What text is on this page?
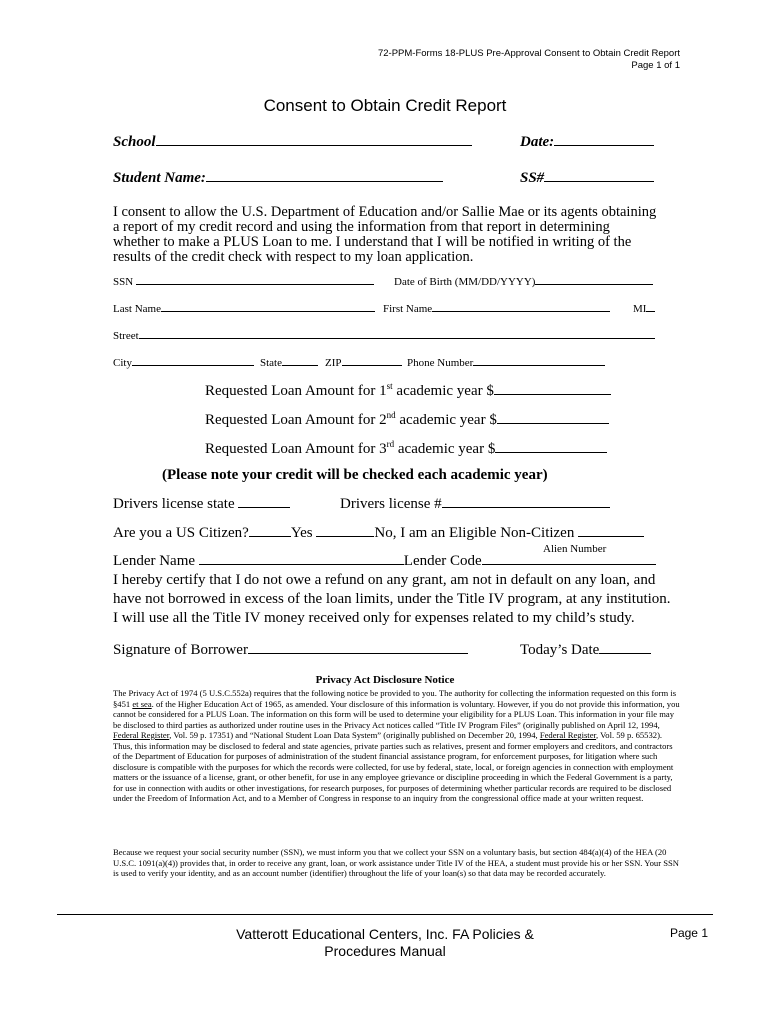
72-PPM-Forms 18-PLUS Pre-Approval Consent to Obtain Credit Report
Page 1 of 1
Consent to Obtain Credit Report
School	Date:
Student Name:	SS#
I consent to allow the U.S. Department of Education and/or Sallie Mae or its agents obtaining
a report of my credit record and using the information from that report in determining
whether to make a PLUS Loan to me. I understand that I will be notified in writing of the
results of the credit check with respect to my loan application.
SSN	Date of Birth (MM/DD/YYYY)
Last Name	First Name	MI
Street
City	State	ZIP	Phone Number
Requested Loan Amount for 1st academic year $
Requested Loan Amount for 2nd academic year $
Requested Loan Amount for 3rd academic year $
(Please note your credit will be checked each academic year)
Drivers license state	Drivers license #
Are you a US Citizen?	Yes	No, I am an Eligible Non-Citizen
Alien Number
Lender Name	Lender Code
I hereby certify that I do not owe a refund on any grant, am not in default on any loan, and
have not borrowed in excess of the loan limits, under the Title IV program, at any institution.
I will use all the Title IV money received only for expenses related to my child’s study.
Signature of Borrower	Today’s Date
Privacy Act Disclosure Notice
The Privacy Act of 1974 (5 U.S.C.552a) requires that the following notice be provided to you. The authority for collecting the information requested on this form is §451 et sea. of the Higher Education Act of 1965, as amended. Your disclosure of this information is voluntary. However, if you do not provide this information, you cannot be considered for a PLUS Loan. The information on this form will be used to determine your eligibility for a PLUS Loan. This information in your file may be disclosed to third parties as authorized under routine uses in the Privacy Act notices called “Title IV Program Files” (originally published on April 12, 1994, Federal Register, Vol. 59 p. 17351) and “National Student Loan Data System” (originally published on December 20, 1994, Federal Register, Vol. 59 p. 65532). Thus, this information may be disclosed to federal and state agencies, private parties such as relatives, present and former employers and creditors, and contractors of the Department of Education for purposes of administration of the student financial assistance program, for enforcement purposes, for litigation where such disclosure is compatible with the purposes for which the records were collected, for use by federal, state, local, or foreign agencies in connection with employment matters or the issuance of a license, grant, or other benefit, for use in any employee grievance or discipline proceeding in which the Federal Government is a party, for use in connection with audits or other investigations, for research purposes, for purposes of determining whether particular records are required to be disclosed under the Freedom of Information Act, and to a Member of Congress in response to an inquiry from the congressional office made at your written request.
Because we request your social security number (SSN), we must inform you that we collect your SSN on a voluntary basis, but section 484(a)(4) of the HEA (20 U.S.C. 1091(a)(4)) provides that, in order to receive any grant, loan, or work assistance under Title IV of the HEA, a student must provide his or her SSN. Your SSN is used to verify your identity, and as an account number (identifier) throughout the life of your loan(s) so that data may be recorded accurately.
Vatterott Educational Centers, Inc. FA Policies &
Procedures Manual
Page 1
